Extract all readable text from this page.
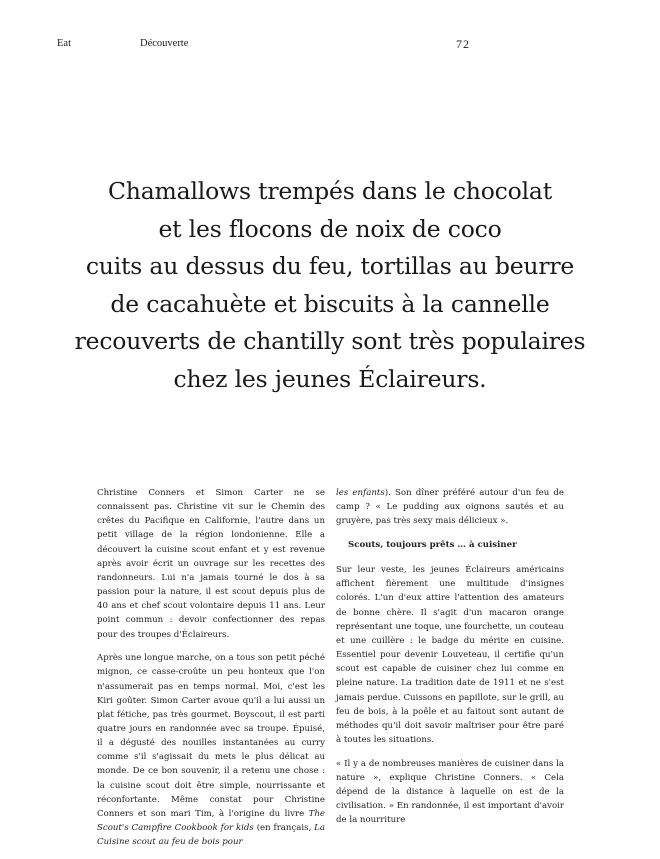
Eat	Découverte	72
Chamallows trempés dans le chocolat
et les flocons de noix de coco
cuits au dessus du feu, tortillas au beurre
de cacahuète et biscuits à la cannelle
recouverts de chantilly sont très populaires
chez les jeunes Éclaireurs.

Christine Conners et Simon Carter ne se connaissent pas. Christine vit sur le Chemin des crêtes du Pacifique en Californie, l'autre dans un petit village de la région londonienne. Elle a découvert la cuisine scout enfant et y est revenue après avoir écrit un ouvrage sur les recettes des randonneurs. Lui n'a jamais tourné le dos à sa passion pour la nature, il est scout depuis plus de 40 ans et chef scout volontaire depuis 11 ans. Leur point commun : devoir confectionner des repas pour des troupes d'Éclaireurs.

Après une longue marche, on a tous son petit péché mignon, ce casse-croûte un peu honteux que l'on n'assumerait pas en temps normal. Moi, c'est les Kiri goûter. Simon Carter avoue qu'il a lui aussi un plat fétiche, pas très gourmet. Boyscout, il est parti quatre jours en randonnée avec sa troupe. Épuisé, il a dégusté des nouilles instantanées au curry comme s'il s'agissait du mets le plus délicat au monde. De ce bon souvenir, il a retenu une chose : la cuisine scout doit être simple, nourrissante et réconfortante. Même constat pour Christine Conners et son mari Tim, à l'origine du livre The Scout's Campfire Cookbook for kids (en français, La Cuisine scout au feu de bois pour

les enfants). Son dîner préféré autour d'un feu de camp ? « Le pudding aux oignons sautés et au gruyère, pas très sexy mais délicieux ».

Scouts, toujours prêts … à cuisiner

Sur leur veste, les jeunes Éclaireurs américains affichent fièrement une multitude d'insignes colorés. L'un d'eux attire l'attention des amateurs de bonne chère. Il s'agit d'un macaron orange représentant une toque, une fourchette, un couteau et une cuillère : le badge du mérite en cuisine. Essentiel pour devenir Louveteau, il certifie qu'un scout est capable de cuisiner chez lui comme en pleine nature. La tradition date de 1911 et ne s'est jamais perdue. Cuissons en papillote, sur le grill, au feu de bois, à la poêle et au faitout sont autant de méthodes qu'il doit savoir maîtriser pour être paré à toutes les situations.

« Il y a de nombreuses manières de cuisiner dans la nature », explique Christine Conners. « Cela dépend de la distance à laquelle on est de la civilisation. » En randonnée, il est important d'avoir de la nourriture
